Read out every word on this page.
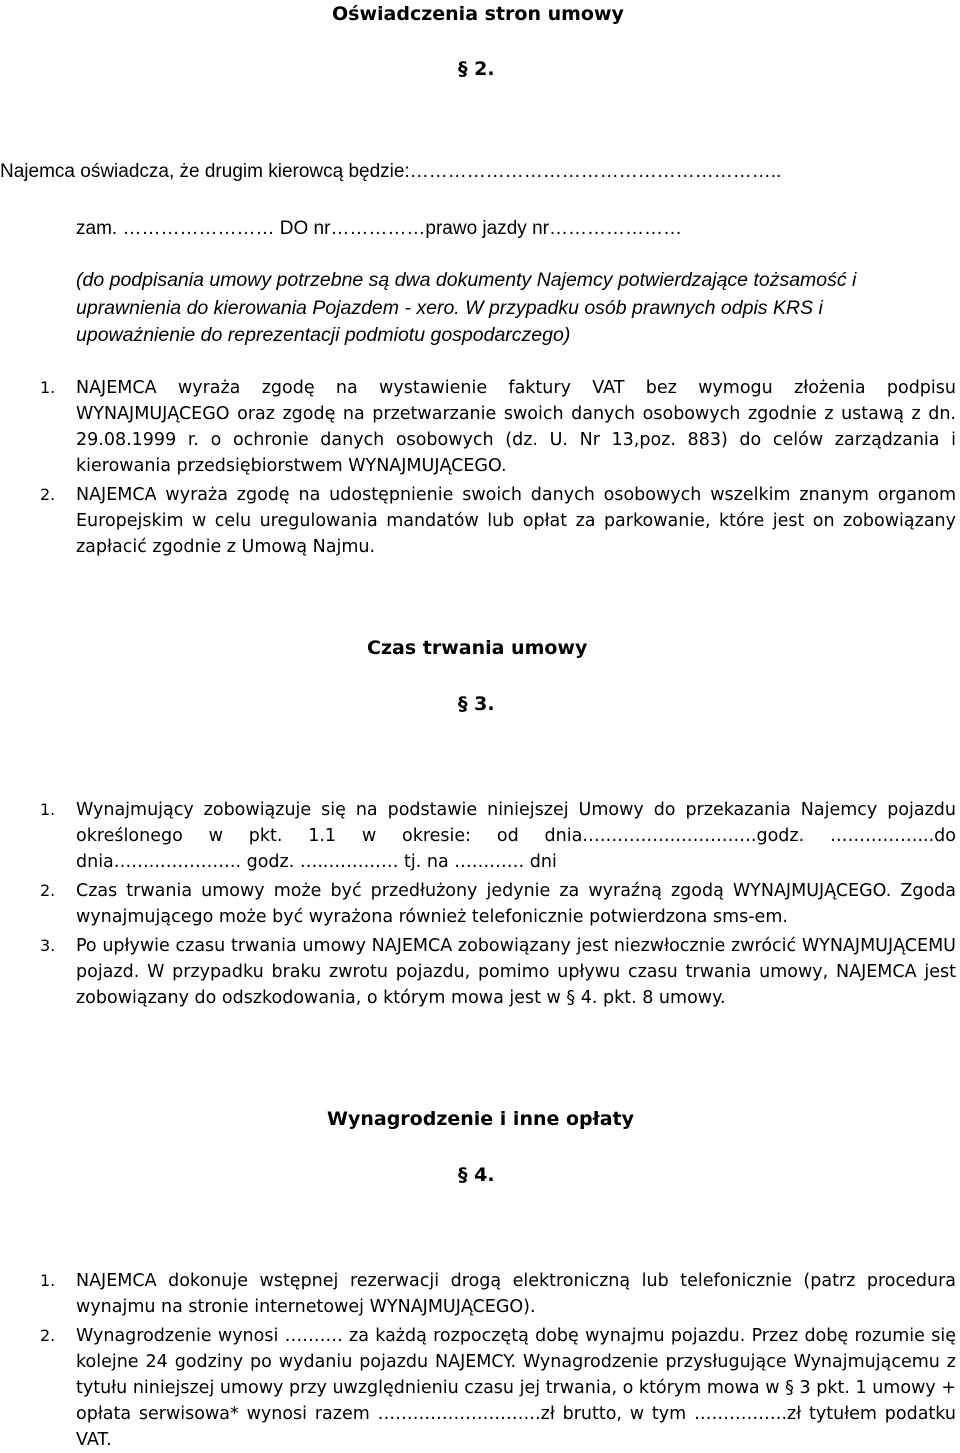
Oświadczenia stron umowy
§ 2.
Najemca oświadcza, że drugim kierowcą będzie:…………………………………………………..
zam. …………………… DO nr……………prawo jazdy nr…………………
(do podpisania umowy potrzebne są dwa dokumenty Najemcy potwierdzające tożsamość i
uprawnienia do kierowania Pojazdem - xero. W przypadku osób prawnych odpis KRS i
upoważnienie do reprezentacji podmiotu gospodarczego)
1. NAJEMCA wyraża zgodę na wystawienie faktury VAT bez wymogu złożenia podpisu WYNAJMUJĄCEGO oraz zgodę na przetwarzanie swoich danych osobowych zgodnie z ustawą z dn. 29.08.1999 r. o ochronie danych osobowych (dz. U. Nr 13,poz. 883) do celów zarządzania i kierowania przedsiębiorstwem WYNAJMUJĄCEGO.
2. NAJEMCA wyraża zgodę na udostępnienie swoich danych osobowych wszelkim znanym organom Europejskim w celu uregulowania mandatów lub opłat za parkowanie, które jest on zobowiązany zapłacić zgodnie z Umową Najmu.
Czas trwania umowy
§ 3.
1. Wynajmujący zobowiązuje się na podstawie niniejszej Umowy do przekazania Najemcy pojazdu określonego w pkt. 1.1 w okresie: od dnia……………..………….godz. ……………...do dnia……..………….. godz. …..………… tj. na ………… dni
2. Czas trwania umowy może być przedłużony jedynie za wyraźną zgodą WYNAJMUJĄCEGO. Zgoda wynajmującego może być wyrażona również telefonicznie potwierdzona sms-em.
3. Po upływie czasu trwania umowy NAJEMCA zobowiązany jest niezwłocznie zwrócić WYNAJMUJĄCEMU pojazd. W przypadku braku zwrotu pojazdu, pomimo upływu czasu trwania umowy, NAJEMCA jest zobowiązany do odszkodowania, o którym mowa jest w § 4. pkt. 8 umowy.
Wynagrodzenie i inne opłaty
§ 4.
1. NAJEMCA dokonuje wstępnej rezerwacji drogą elektroniczną lub telefonicznie (patrz procedura wynajmu na stronie internetowej WYNAJMUJĄCEGO).
2. Wynagrodzenie wynosi ………. za każdą rozpoczętą dobę wynajmu pojazdu. Przez dobę rozumie się kolejne 24 godziny po wydaniu pojazdu NAJEMCY. Wynagrodzenie przysługujące Wynajmującemu z tytułu niniejszej umowy przy uwzględnieniu czasu jej trwania, o którym mowa w § 3 pkt. 1 umowy + opłata serwisowa* wynosi razem ……………………….zł brutto, w tym …………….zł tytułem podatku VAT.
